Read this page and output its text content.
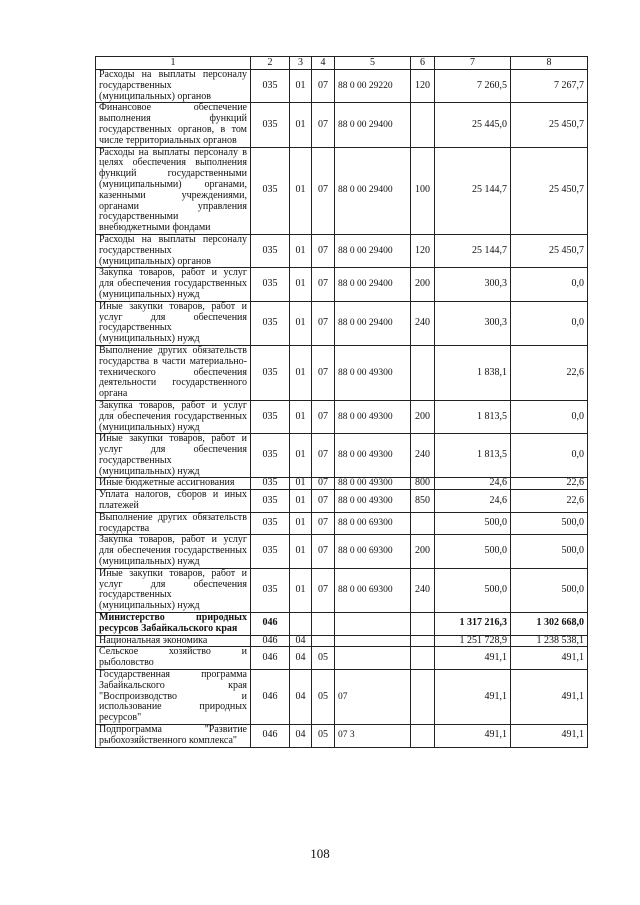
1	2	3	4	5	6	7	8

Расходы на выплаты персоналу государственных (муниципальных) органов	035	01	07	88 0 00 29220	120	7 260,5	7 267,7

Финансовое обеспечение выполнения функций государственных органов, в том числе территориальных органов	035	01	07	88 0 00 29400		25 445,0	25 450,7

Расходы на выплаты персоналу в целях обеспечения выполнения функций государственными (муниципальными) органами, казенными учреждениями, органами управления государственными внебюджетными фондами	035	01	07	88 0 00 29400	100	25 144,7	25 450,7

Расходы на выплаты персоналу государственных (муниципальных) органов	035	01	07	88 0 00 29400	120	25 144,7	25 450,7

Закупка товаров, работ и услуг для обеспечения государственных (муниципальных) нужд	035	01	07	88 0 00 29400	200	300,3	0,0

Иные закупки товаров, работ и услуг для обеспечения государственных (муниципальных) нужд	035	01	07	88 0 00 29400	240	300,3	0,0

Выполнение других обязательств государства в части материально-технического обеспечения деятельности государственного органа	035	01	07	88 0 00 49300		1 838,1	22,6

Закупка товаров, работ и услуг для обеспечения государственных (муниципальных) нужд	035	01	07	88 0 00 49300	200	1 813,5	0,0

Иные закупки товаров, работ и услуг для обеспечения государственных (муниципальных) нужд	035	01	07	88 0 00 49300	240	1 813,5	0,0

Иные бюджетные ассигнования	035	01	07	88 0 00 49300	800	24,6	22,6

Уплата налогов, сборов и иных платежей	035	01	07	88 0 00 49300	850	24,6	22,6

Выполнение других обязательств государства	035	01	07	88 0 00 69300		500,0	500,0

Закупка товаров, работ и услуг для обеспечения государственных (муниципальных) нужд	035	01	07	88 0 00 69300	200	500,0	500,0

Иные закупки товаров, работ и услуг для обеспечения государственных (муниципальных) нужд	035	01	07	88 0 00 69300	240	500,0	500,0

Министерство природных ресурсов Забайкальского края	046					1 317 216,3	1 302 668,0

Национальная экономика	046	04				1 251 728,9	1 238 538,1

Сельское хозяйство и рыболовство	046	04	05			491,1	491,1

Государственная программа Забайкальского края "Воспроизводство и использование природных ресурсов"	046	04	05	07		491,1	491,1

Подпрограмма "Развитие рыбохозяйственного комплекса"	046	04	05	07 3		491,1	491,1
108
